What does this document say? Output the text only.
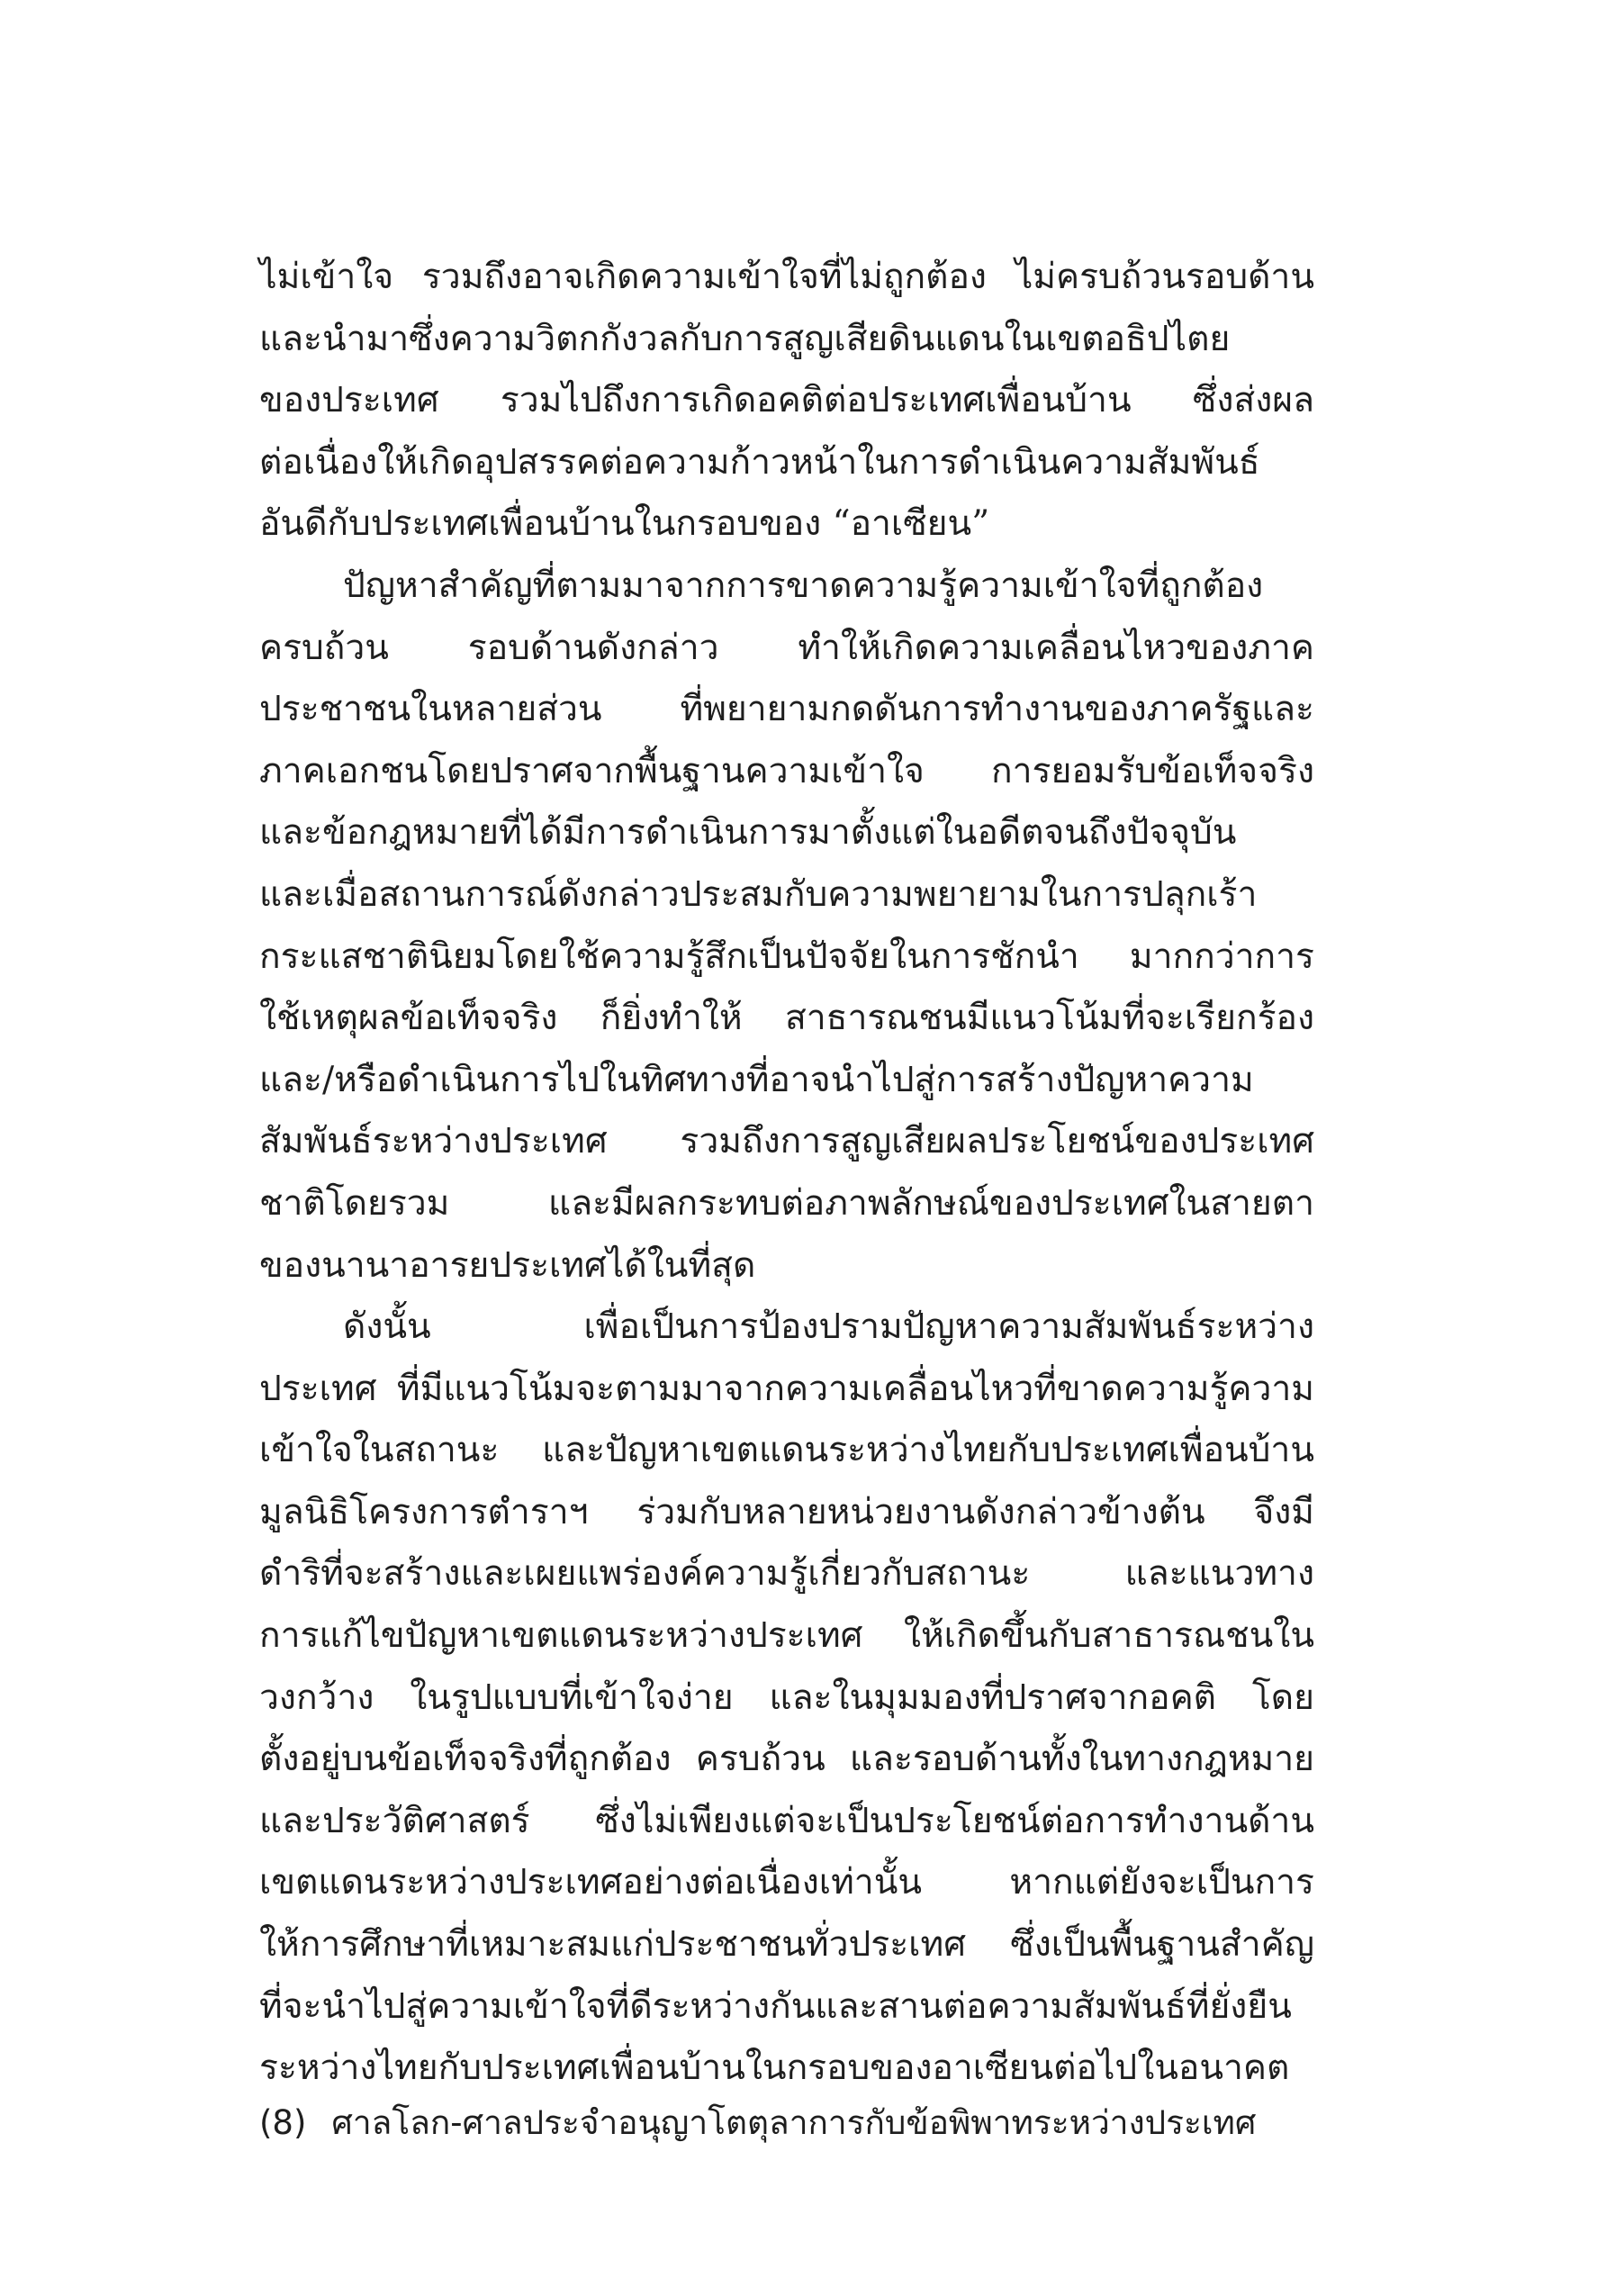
ไม่เข้าใจ รวมถึงอาจเกิดความเข้าใจที่ไม่ถูกต้อง ไม่ครบถ้วนรอบด้าน
และนำมาซึ่งความวิตกกังวลกับการสูญเสียดินแดนในเขตอธิปไตย
ของประเทศ รวมไปถึงการเกิดอคติต่อประเทศเพื่อนบ้าน ซึ่งส่งผล
ต่อเนื่องให้เกิดอุปสรรคต่อความก้าวหน้าในการดำเนินความสัมพันธ์
อันดีกับประเทศเพื่อนบ้านในกรอบของ “อาเซียน”
ปัญหาสำคัญที่ตามมาจากการขาดความรู้ความเข้าใจที่ถูกต้อง
ครบถ้วน รอบด้านดังกล่าว ทำให้เกิดความเคลื่อนไหวของภาค
ประชาชนในหลายส่วน ที่พยายามกดดันการทำงานของภาครัฐและ
ภาคเอกชนโดยปราศจากพื้นฐานความเข้าใจ การยอมรับข้อเท็จจริง
และข้อกฎหมายที่ได้มีการดำเนินการมาตั้งแต่ในอดีตจนถึงปัจจุบัน
และเมื่อสถานการณ์ดังกล่าวประสมกับความพยายามในการปลุกเร้า
กระแสชาตินิยมโดยใช้ความรู้สึกเป็นปัจจัยในการชักนำ มากกว่าการ
ใช้เหตุผลข้อเท็จจริง ก็ยิ่งทำให้ สาธารณชนมีแนวโน้มที่จะเรียกร้อง
และ/หรือดำเนินการไปในทิศทางที่อาจนำไปสู่การสร้างปัญหาความ
สัมพันธ์ระหว่างประเทศ รวมถึงการสูญเสียผลประโยชน์ของประเทศ
ชาติโดยรวม และมีผลกระทบต่อภาพลักษณ์ของประเทศในสายตา
ของนานาอารยประเทศได้ในที่สุด
ดังนั้น เพื่อเป็นการป้องปรามปัญหาความสัมพันธ์ระหว่าง
ประเทศ ที่มีแนวโน้มจะตามมาจากความเคลื่อนไหวที่ขาดความรู้ความ
เข้าใจในสถานะ และปัญหาเขตแดนระหว่างไทยกับประเทศเพื่อนบ้าน
มูลนิธิโครงการตำราฯ ร่วมกับหลายหน่วยงานดังกล่าวข้างต้น จึงมี
ดำริที่จะสร้างและเผยแพร่องค์ความรู้เกี่ยวกับสถานะ และแนวทาง
การแก้ไขปัญหาเขตแดนระหว่างประเทศ ให้เกิดขึ้นกับสาธารณชนใน
วงกว้าง ในรูปแบบที่เข้าใจง่าย และในมุมมองที่ปราศจากอคติ โดย
ตั้งอยู่บนข้อเท็จจริงที่ถูกต้อง ครบถ้วน และรอบด้านทั้งในทางกฎหมาย
และประวัติศาสตร์ ซึ่งไม่เพียงแต่จะเป็นประโยชน์ต่อการทำงานด้าน
เขตแดนระหว่างประเทศอย่างต่อเนื่องเท่านั้น หากแต่ยังจะเป็นการ
ให้การศึกษาที่เหมาะสมแก่ประชาชนทั่วประเทศ ซึ่งเป็นพื้นฐานสำคัญ
ที่จะนำไปสู่ความเข้าใจที่ดีระหว่างกันและสานต่อความสัมพันธ์ที่ยั่งยืน
ระหว่างไทยกับประเทศเพื่อนบ้านในกรอบของอาเซียนต่อไปในอนาคต
(8) ศาลโลก-ศาลประจำอนุญาโตตุลาการกับข้อพิพาทระหว่างประเทศ
